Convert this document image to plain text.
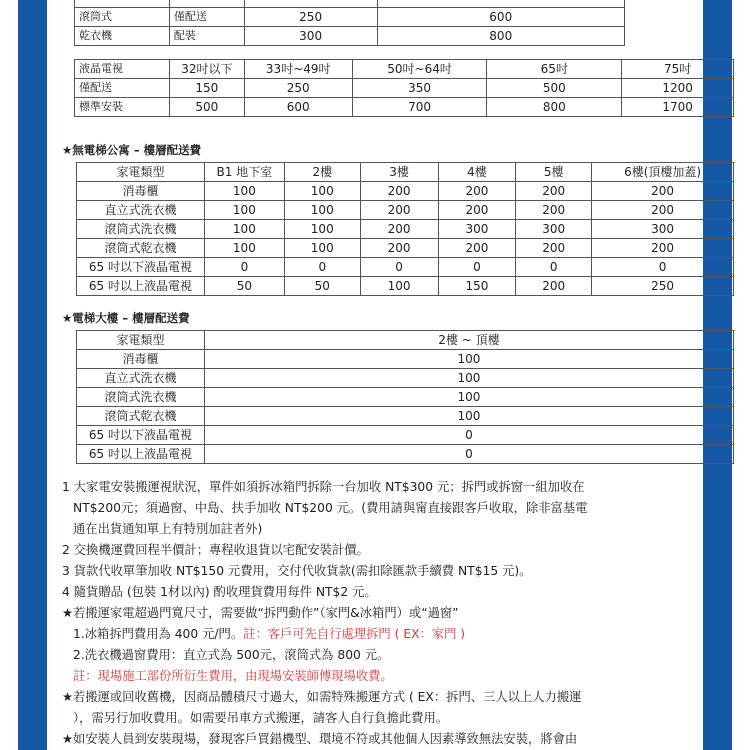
滾筒式	僅配送	250	600
乾衣機	配裝	300	800
液晶電視	32吋以下	33吋~49吋	50吋~64吋	65吋	75吋
僅配送	150	250	350	500	1200
標準安裝	500	600	700	800	1700
★無電梯公寓 – 樓層配送費
家電類型	B1 地下室	2樓	3樓	4樓	5樓	6樓(頂樓加蓋)
消毒櫃	100	100	200	200	200	200
直立式洗衣機	100	100	200	200	200	200
滾筒式洗衣機	100	100	200	300	300	300
滾筒式乾衣機	100	100	200	200	200	200
65 吋以下液晶電視	0	0	0	0	0	0
65 吋以上液晶電視	50	50	100	150	200	250
★電梯大樓 – 樓層配送費
家電類型	2樓 ~ 頂樓
消毒櫃	100
直立式洗衣機	100
滾筒式洗衣機	100
滾筒式乾衣機	100
65 吋以下液晶電視	0
65 吋以上液晶電視	0

1 大家電安裝搬運視狀況，單件如須拆冰箱門拆除一台加收 NT$300 元；拆門或拆窗一組加收在

NT$200元；須過窗、中島、扶手加收 NT$200 元。(費用請與甯直接跟客戶收取，除非富基電

通在出貨通知單上有特別加註者外)

2 交換機運費回程半價計；專程收退貨以宅配安裝計價。

3 貨款代收單筆加收 NT$150 元費用，交付代收貨款(需扣除匯款手續費 NT$15 元)。

4 隨貨贈品 (包裝 1材以內) 酌收理貨費用每件 NT$2 元。

★若搬運家電超過門寬尺寸，需要做“拆門動作”（家門&冰箱門）或“過窗”

1.冰箱拆門費用為 400 元/門。註：客戶可先自行處理拆門 ( EX：家門 )

2.洗衣機過窗費用：直立式為 500元，滾筒式為 800 元。

註：現場施工部份所衍生費用，由現場安裝師傅現場收費。

★若搬運或回收舊機，因商品體積尺寸過大，如需特殊搬運方式 ( EX：拆門、三人以上人力搬運

），需另行加收費用。如需要吊車方式搬運，請客人自行負擔此費用。

★如安裝人員到安裝現場，發現客戶買錯機型、環境不符或其他個人因素導致無法安裝，將會由
